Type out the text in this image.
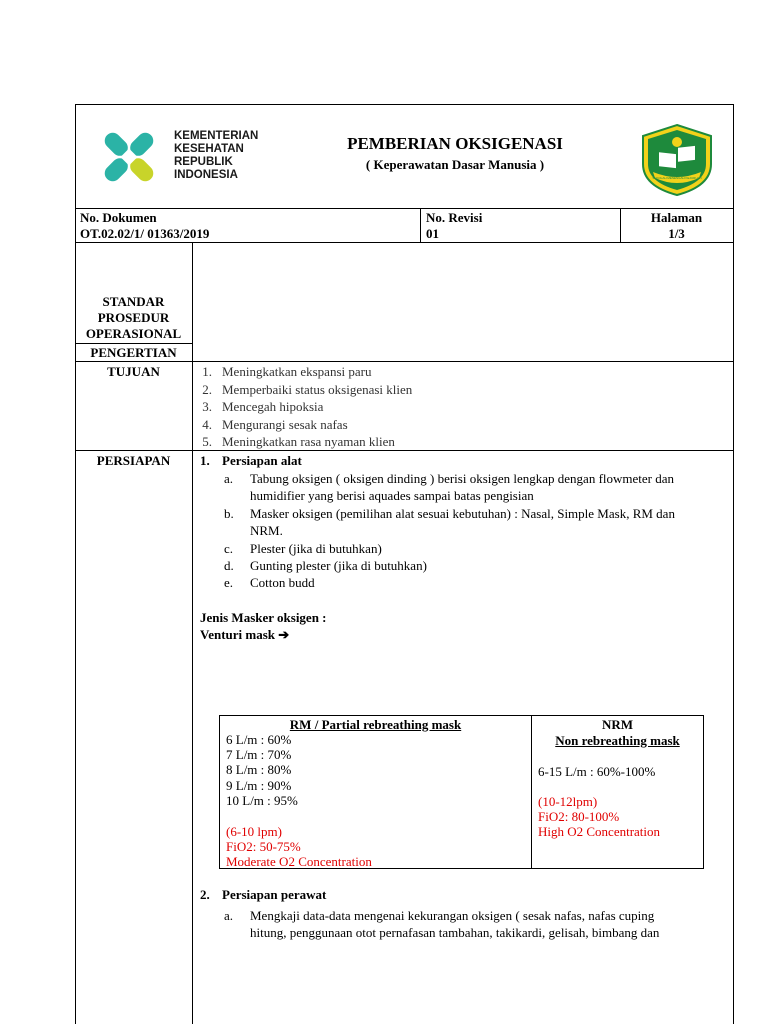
KEMENTERIAN
KESEHATAN
REPUBLIK
INDONESIA
PEMBERIAN OKSIGENASI
( Keperawatan Dasar Manusia )
SEKOLAH MENENGAH KEJURUAN
No. Dokumen
OT.02.02/1/ 01363/2019
No. Revisi
01
Halaman
1/3
STANDAR
PROSEDUR
OPERASIONAL
PENGERTIAN
TUJUAN	1. Meningkatkan ekspansi paru
2. Memperbaiki status oksigenasi klien
3. Mencegah hipoksia
4. Mengurangi sesak nafas
5. Meningkatkan rasa nyaman klien
PERSIAPAN	1. Persiapan alat
a. Tabung oksigen ( oksigen dinding ) berisi oksigen lengkap dengan flowmeter dan
humidifier yang berisi aquades sampai batas pengisian
b. Masker oksigen (pemilihan alat sesuai kebutuhan) : Nasal, Simple Mask, RM dan
NRM.
c. Plester (jika di butuhkan)
d. Gunting plester (jika di butuhkan)
e. Cotton budd
Jenis Masker oksigen :
Venturi mask ➔
RM / Partial rebreathing mask
6 L/m : 60%
7 L/m : 70%
8 L/m : 80%
9 L/m : 90%
10 L/m : 95%
(6-10 lpm)
FiO2: 50-75%
Moderate O2 Concentration
NRM
Non rebreathing mask
6-15 L/m : 60%-100%
(10-12lpm)
FiO2: 80-100%
High O2 Concentration
2. Persiapan perawat
a. Mengkaji data-data mengenai kekurangan oksigen ( sesak nafas, nafas cuping
hitung, penggunaan otot pernafasan tambahan, takikardi, gelisah, bimbang dan
